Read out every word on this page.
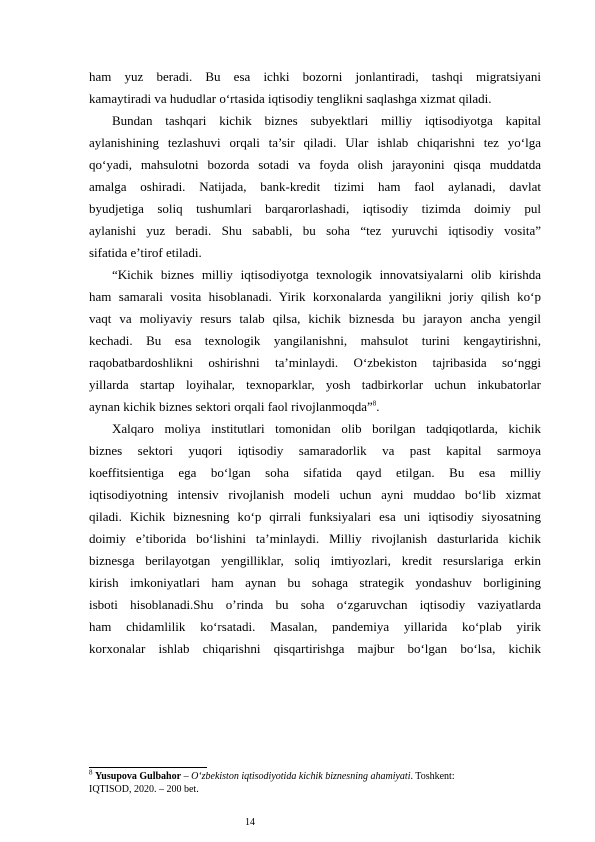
ham yuz beradi. Bu esa ichki bozorni jonlantiradi, tashqi migratsiyani
kamaytiradi va hududlar o‘rtasida iqtisodiy tenglikni saqlashga xizmat qiladi.
Bundan tashqari kichik biznes subyektlari milliy iqtisodiyotga kapital
aylanishining tezlashuvi orqali ta’sir qiladi. Ular ishlab chiqarishni tez yo‘lga
qo‘yadi, mahsulotni bozorda sotadi va foyda olish jarayonini qisqa muddatda
amalga oshiradi. Natijada, bank-kredit tizimi ham faol aylanadi, davlat
byudjetiga soliq tushumlari barqarorlashadi, iqtisodiy tizimda doimiy pul
aylanishi yuz beradi. Shu sababli, bu soha “tez yuruvchi iqtisodiy vosita”
sifatida e’tirof etiladi.
“Kichik biznes milliy iqtisodiyotga texnologik innovatsiyalarni olib kirishda
ham samarali vosita hisoblanadi. Yirik korxonalarda yangilikni joriy qilish ko‘p
vaqt va moliyaviy resurs talab qilsa, kichik biznesda bu jarayon ancha yengil
kechadi. Bu esa texnologik yangilanishni, mahsulot turini kengaytirishni,
raqobatbardoshlikni oshirishni ta’minlaydi. O‘zbekiston tajribasida so‘nggi
yillarda startap loyihalar, texnoparklar, yosh tadbirkorlar uchun inkubatorlar
aynan kichik biznes sektori orqali faol rivojlanmoqda”$^8$.
Xalqaro moliya institutlari tomonidan olib borilgan tadqiqotlarda, kichik
biznes sektori yuqori iqtisodiy samaradorlik va past kapital sarmoya
koeffitsientiga ega bo‘lgan soha sifatida qayd etilgan. Bu esa milliy
iqtisodiyotning intensiv rivojlanish modeli uchun ayni muddao bo‘lib xizmat
qiladi. Kichik biznesning ko‘p qirrali funksiyalari esa uni iqtisodiy siyosatning
doimiy e’tiborida bo‘lishini ta’minlaydi. Milliy rivojlanish dasturlarida kichik
biznesga berilayotgan yengilliklar, soliq imtiyozlari, kredit resurslariga erkin
kirish imkoniyatlari ham aynan bu sohaga strategik yondashuv borligining
isboti hisoblanadi.Shu o’rinda bu soha o‘zgaruvchan iqtisodiy vaziyatlarda
ham chidamlilik ko‘rsatadi. Masalan, pandemiya yillarida ko‘plab yirik
korxonalar ishlab chiqarishni qisqartirishga majbur bo‘lgan bo‘lsa, kichik
$^8$ Yusupova Gulbahor – O‘zbekiston iqtisodiyotida kichik biznesning ahamiyati. Toshkent:
IQTISOD, 2020. – 200 bet.
14
